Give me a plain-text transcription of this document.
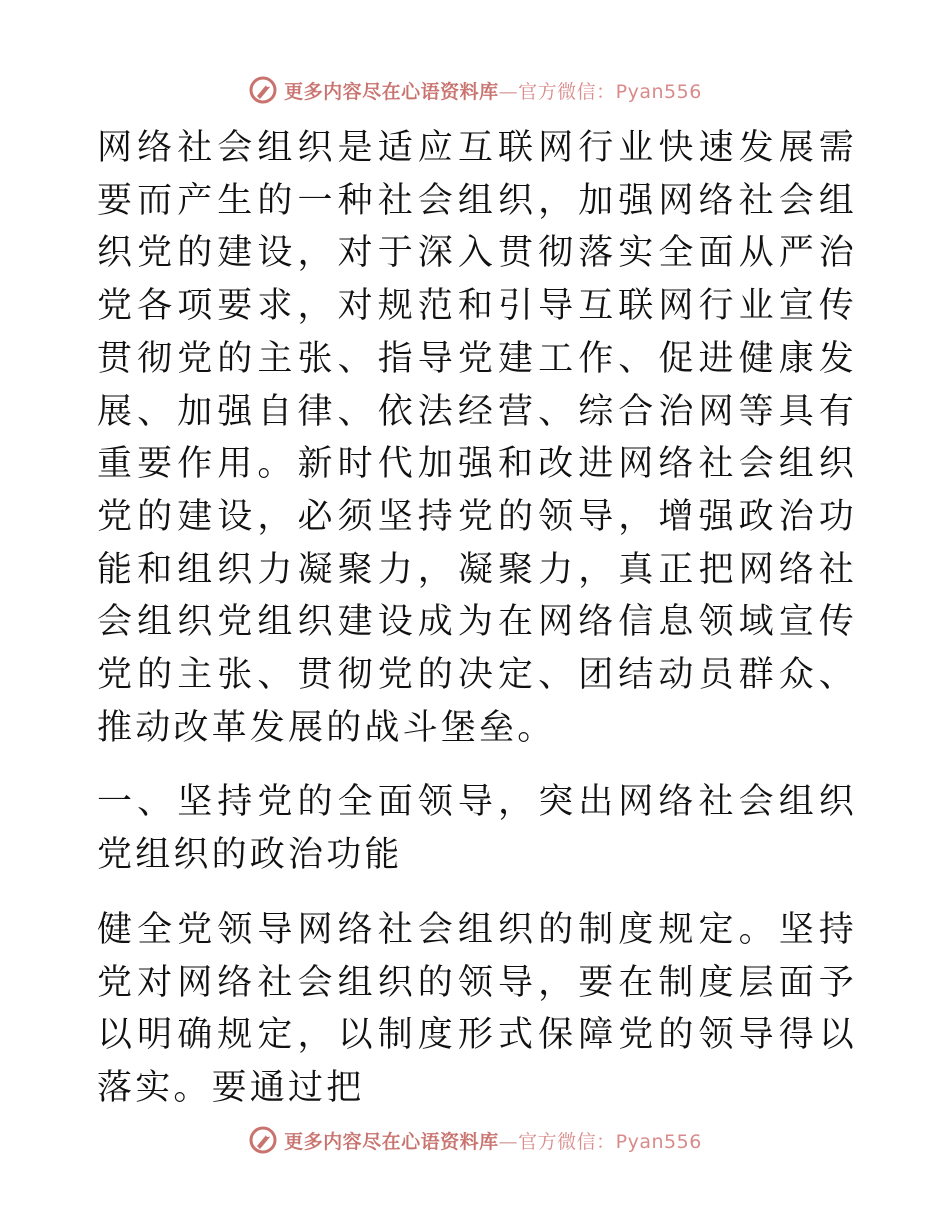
更多内容尽在心语资料库—官方微信：Pyan556

网络社会组织是适应互联网行业快速发展需要而产生的一种社会组织，加强网络社会组织党的建设，对于深入贯彻落实全面从严治党各项要求，对规范和引导互联网行业宣传贯彻党的主张、指导党建工作、促进健康发展、加强自律、依法经营、综合治网等具有重要作用。新时代加强和改进网络社会组织党的建设，必须坚持党的领导，增强政治功能和组织力凝聚力，凝聚力，真正把网络社会组织党组织建设成为在网络信息领域宣传党的主张、贯彻党的决定、团结动员群众、推动改革发展的战斗堡垒。

一、坚持党的全面领导，突出网络社会组织党组织的政治功能

健全党领导网络社会组织的制度规定。坚持党对网络社会组织的领导，要在制度层面予以明确规定，以制度形式保障党的领导得以落实。要通过把

更多内容尽在心语资料库—官方微信：Pyan556
